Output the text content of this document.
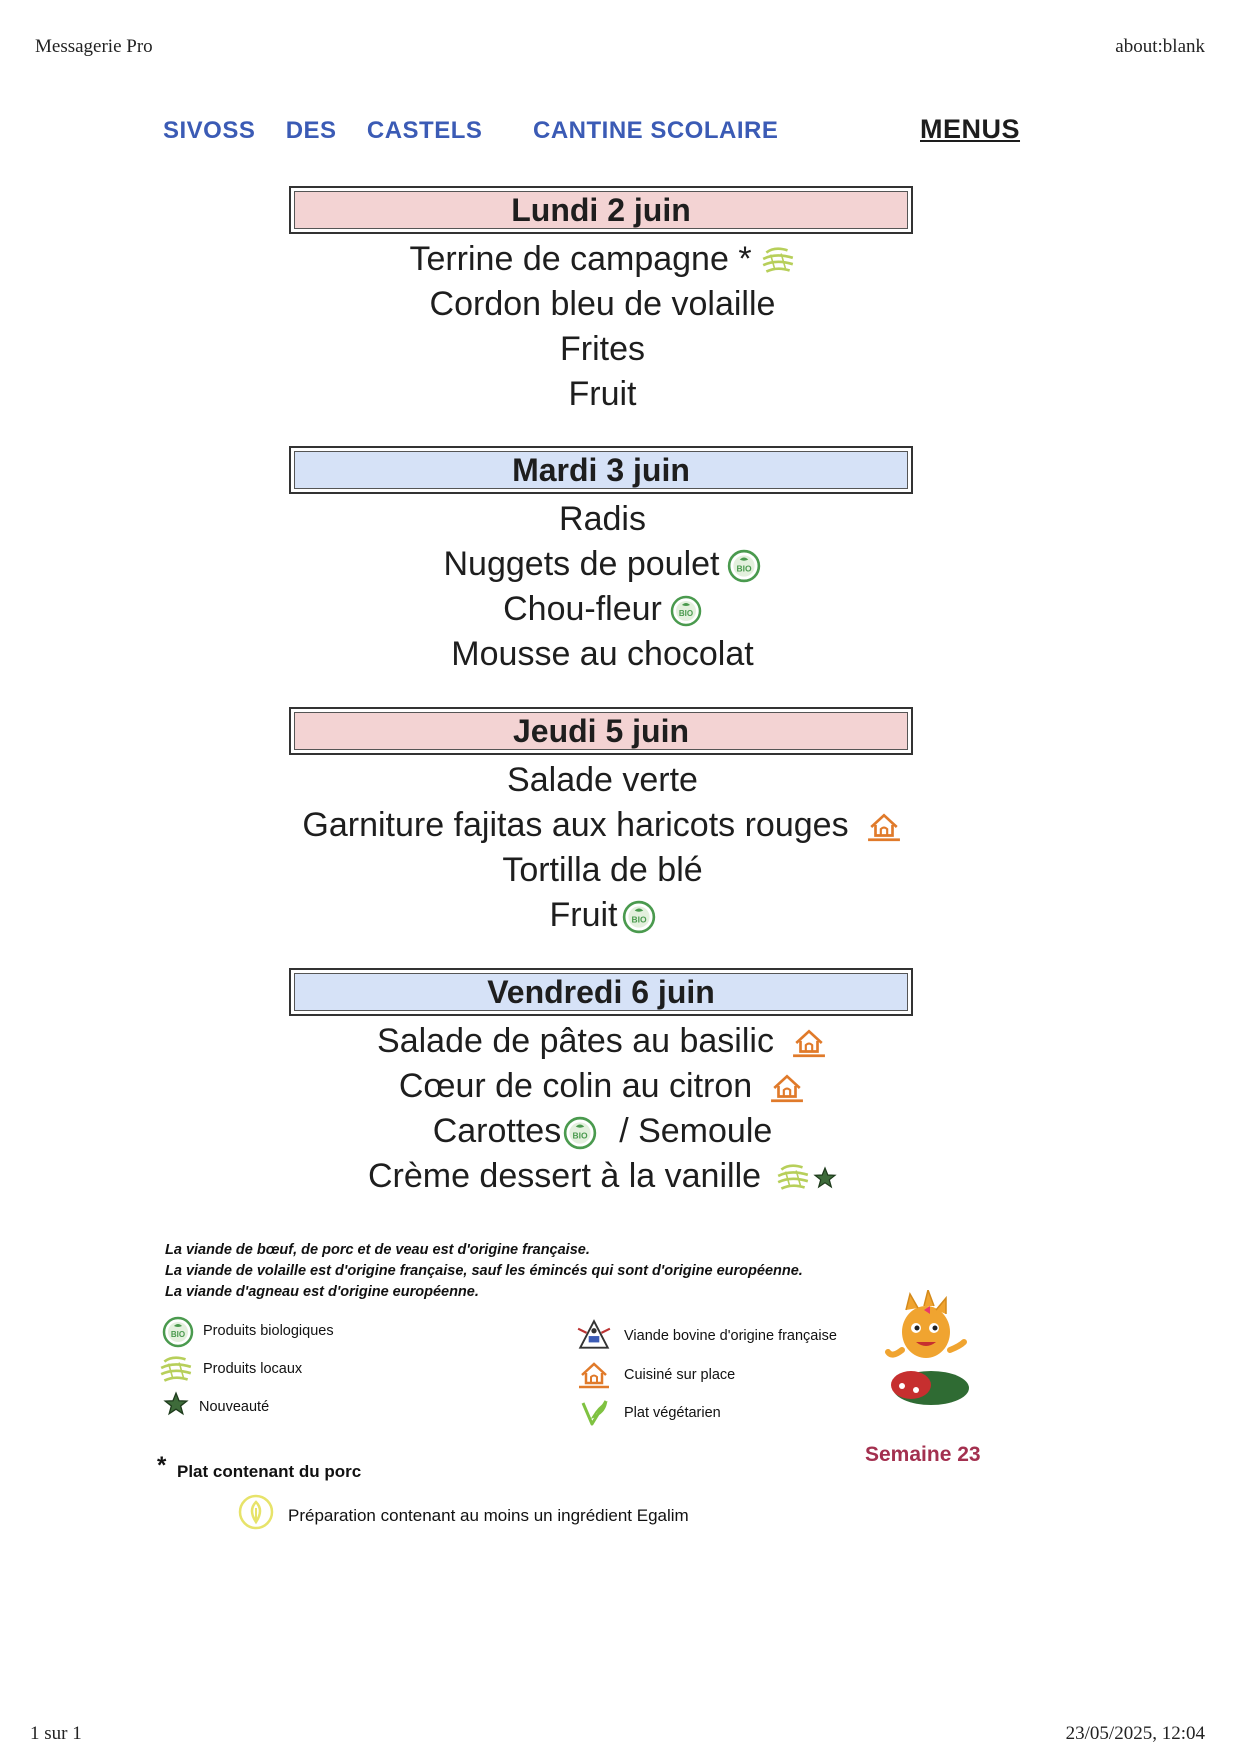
Messagerie Pro	about:blank
1 sur 1	23/05/2025, 12:04
SIVOSS  DES  CASTELS CANTINE SCOLAIRE	MENUS
Lundi 2 juin
Terrine de campagne *
Cordon bleu de volaille
Frites
Fruit
Mardi 3 juin
Radis
Nuggets de poulet
Chou-fleur
Mousse au chocolat
Jeudi 5 juin
Salade verte
Garniture fajitas aux haricots rouges
Tortilla de blé
Fruit
Vendredi 6 juin
Salade de pâtes au basilic
Cœur de colin au citron
Carottes / Semoule
Crème dessert à la vanille
La viande de bœuf, de porc et de veau est d'origine française.
La viande de volaille est d'origine française, sauf les émincés qui sont d'origine européenne.
La viande d'agneau est d'origine européenne.
Produits biologiques
Produits locaux
Nouveauté
Viande bovine d'origine française
Cuisiné sur place
Plat végétarien
Semaine 23
* Plat contenant du porc
Préparation contenant au moins un ingrédient Egalim
